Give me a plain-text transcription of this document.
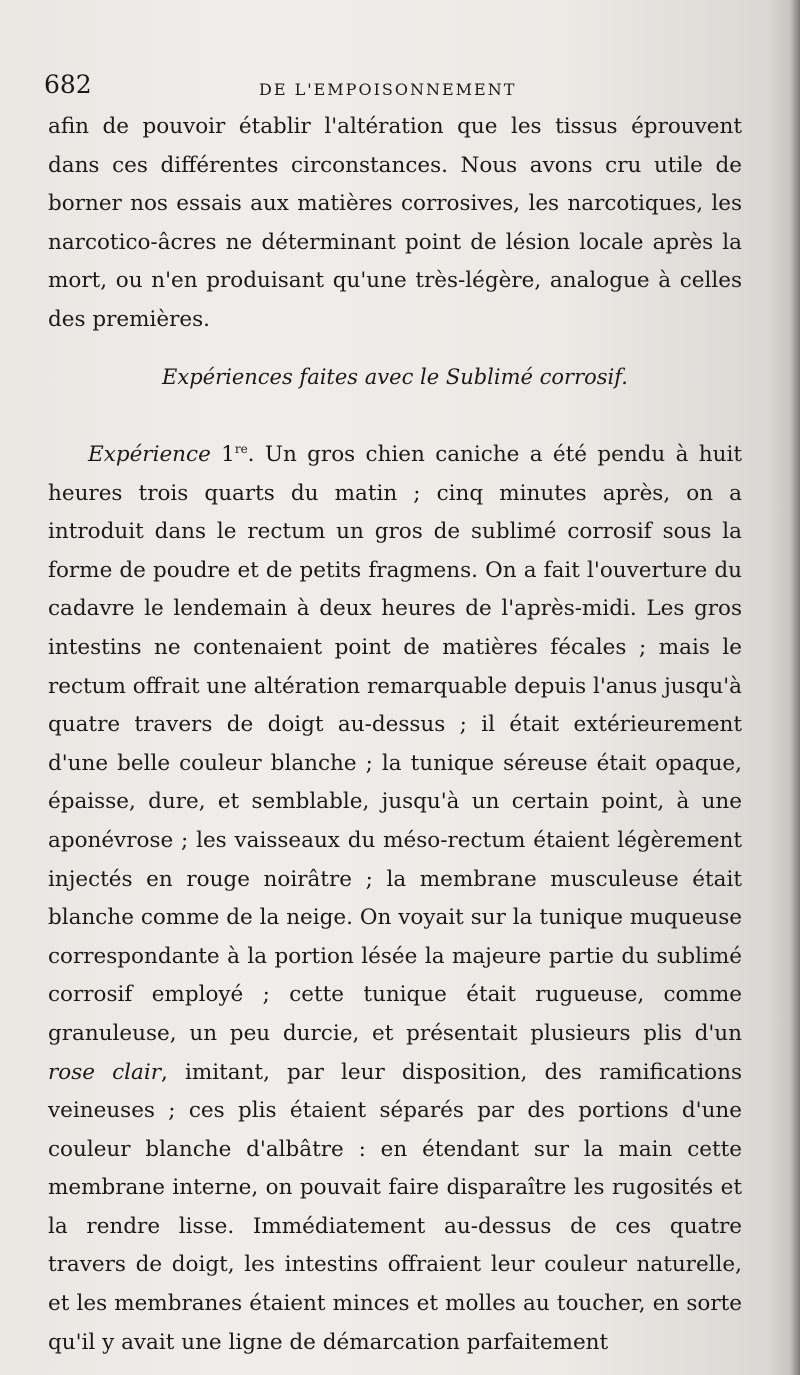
682	DE L'EMPOISONNEMENT

afin de pouvoir établir l'altération que les tissus éprouvent dans ces différentes circonstances. Nous avons cru utile de borner nos essais aux matières corrosives, les narcotiques, les narcotico-âcres ne déterminant point de lésion locale après la mort, ou n'en produisant qu'une très-légère, analogue à celles des premières.

Expériences faites avec le Sublimé corrosif.

Expérience 1re. Un gros chien caniche a été pendu à huit heures trois quarts du matin ; cinq minutes après, on a introduit dans le rectum un gros de sublimé corrosif sous la forme de poudre et de petits fragmens. On a fait l'ouverture du cadavre le lendemain à deux heures de l'après-midi. Les gros intestins ne contenaient point de matières fécales ; mais le rectum offrait une altération remarquable depuis l'anus jusqu'à quatre travers de doigt au-dessus ; il était extérieurement d'une belle couleur blanche ; la tunique séreuse était opaque, épaisse, dure, et semblable, jusqu'à un certain point, à une aponévrose ; les vaisseaux du méso-rectum étaient légèrement injectés en rouge noirâtre ; la membrane musculeuse était blanche comme de la neige. On voyait sur la tunique muqueuse correspondante à la portion lésée la majeure partie du sublimé corrosif employé ; cette tunique était rugueuse, comme granuleuse, un peu durcie, et présentait plusieurs plis d'un rose clair, imitant, par leur disposition, des ramifications veineuses ; ces plis étaient séparés par des portions d'une couleur blanche d'albâtre : en étendant sur la main cette membrane interne, on pouvait faire disparaître les rugosités et la rendre lisse. Immédiatement au-dessus de ces quatre travers de doigt, les intestins offraient leur couleur naturelle, et les membranes étaient minces et molles au toucher, en sorte qu'il y avait une ligne de démarcation parfaitement
